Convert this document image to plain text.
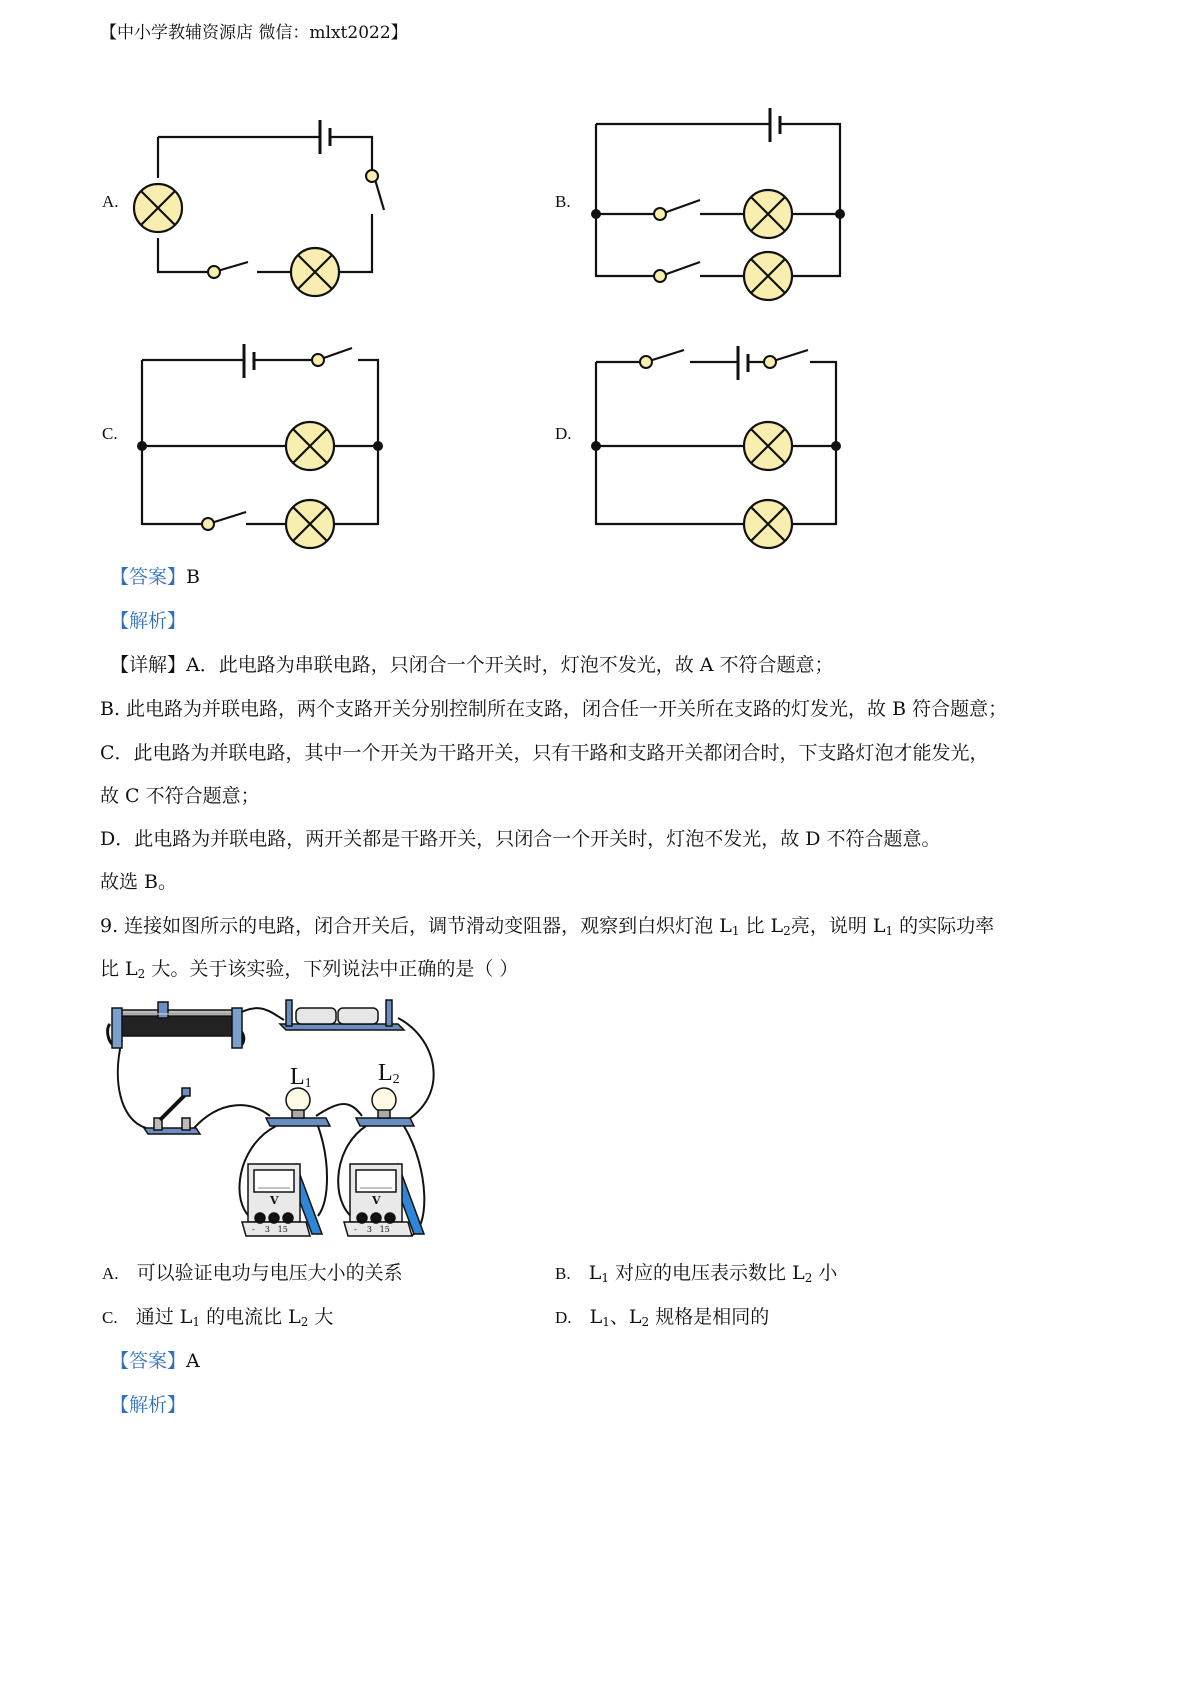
【中小学教辅资源店 微信：mlxt2022】
A.	B.
C.	D.
【答案】B
【解析】
【详解】A．此电路为串联电路，只闭合一个开关时，灯泡不发光，故 A 不符合题意；
B. 此电路为并联电路，两个支路开关分别控制所在支路，闭合任一开关所在支路的灯发光，故 B 符合题意；
C．此电路为并联电路，其中一个开关为干路开关，只有干路和支路开关都闭合时，下支路灯泡才能发光，
故 C 不符合题意；
D．此电路为并联电路，两开关都是干路开关，只闭合一个开关时，灯泡不发光，故 D 不符合题意。
故选 B。
9. 连接如图所示的电路，闭合开关后，调节滑动变阻器，观察到白炽灯泡 $L_1$ 比 $L_2$亮，说明 $L_1$ 的实际功率
比 $L_2$ 大。关于该实验，下列说法中正确的是（ ）
$L_1$	$L_2$
V	V
- 3 15	- 3 15
A. 可以验证电功与电压大小的关系	B. $L_1$ 对应的电压表示数比 $L_2$ 小
C. 通过 $L_1$ 的电流比 $L_2$ 大	D. $L_1$、$L_2$ 规格是相同的
【答案】A
【解析】
